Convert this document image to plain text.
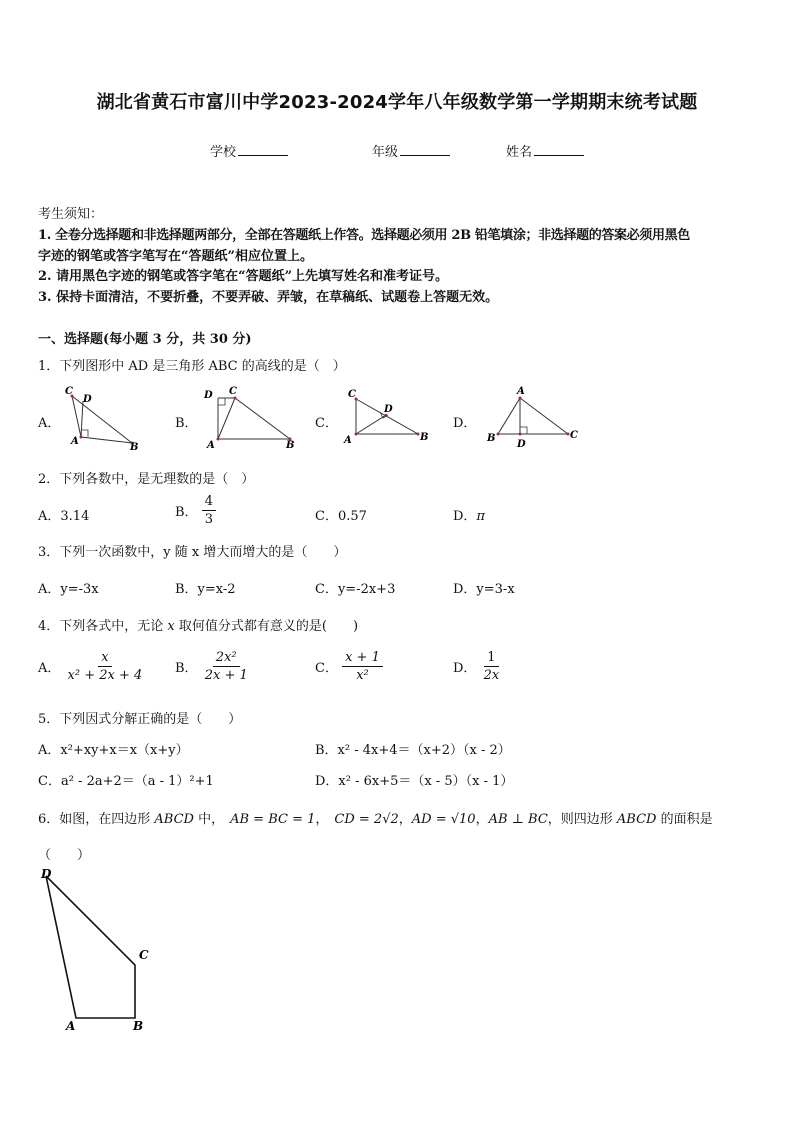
湖北省黄石市富川中学2023-2024学年八年级数学第一学期期末统考试题
学校	年级	姓名
考生须知：
1. 全卷分选择题和非选择题两部分，全部在答题纸上作答。选择题必须用 2B 铅笔填涂；非选择题的答案必须用黑色
字迹的钢笔或答字笔写在“答题纸”相应位置上。
2. 请用黑色字迹的钢笔或答字笔在“答题纸”上先填写姓名和准考证号。
3. 保持卡面清洁，不要折叠，不要弄破、弄皱，在草稿纸、试题卷上答题无效。
一、选择题(每小题 3 分，共 30 分)
1．下列图形中 AD 是三角形 ABC 的高线的是（　）
A．
C
D
A
B
B．
D C
A	B
C．
C
D
A	B
D．
A
B
D
C
2．下列各数中，是无理数的是（　）
A．3.14	B． $\frac{4}{3}$	C．0.57	D．π
3．下列一次函数中，y 随 x 增大而增大的是（　　）
A．y=-3x	B．y=x-2	C．y=-2x+3	D．y=3-x
4．下列各式中，无论 x 取何值分式都有意义的是(　　)
A． $\frac{x}{\text{x² + 2x + 4}}$ B． $\frac{\text{2x²}}{2x + 1}$	C． $\frac{x + 1}{\text{x²}}$	D． $\frac{1}{2x}$
5．下列因式分解正确的是（　　）
A．x²+xy+x＝x（x+y）	B．x² - 4x+4＝（x+2）（x - 2）
C．a² - 2a+2＝（a - 1）²+1	D．x² - 6x+5＝（x - 5）（x - 1）
6．如图，在四边形 ABCD 中， AB = BC = 1， CD = 2√2，AD = √10，AB ⊥ BC，则四边形 ABCD 的面积是
（　　）
D
C
A	B
